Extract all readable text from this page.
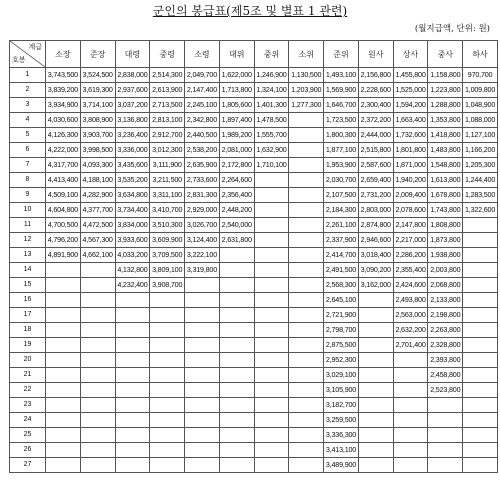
군인의 봉급표(제5조 및 별표 1 관련)
(월지급액, 단위: 원)
계급
호봉	소장	준장	대령	중령	소령	대위	중위	소위	준위	원사	상사	중사	하사
1	3,743,500	3,524,500	2,838,000	2,514,300	2,049,700	1,622,000	1,246,900	1,130,500	1,493,100	2,156,800	1,455,800	1,158,800	970,700
2	3,839,200	3,619,300	2,937,600	2,613,900	2,147,400	1,713,800	1,324,100	1,203,900	1,569,900	2,228,600	1,525,000	1,223,800	1,009,800
3	3,934,900	3,714,100	3,037,200	2,713,500	2,245,100	1,805,600	1,401,300	1,277,300	1,646,700	2,300,400	1,594,200	1,288,800	1,048,900
4	4,030,600	3,808,900	3,136,800	2,813,100	2,342,800	1,897,400	1,478,500		1,723,500	2,372,200	1,663,400	1,353,800	1,088,000
5	4,126,300	3,903,700	3,236,400	2,912,700	2,440,500	1,989,200	1,555,700		1,800,300	2,444,000	1,732,600	1,418,800	1,127,100
6	4,222,000	3,998,500	3,336,000	3,012,300	2,538,200	2,081,000	1,632,900		1,877,100	2,515,800	1,801,800	1,483,800	1,166,200
7	4,317,700	4,093,300	3,435,600	3,111,900	2,635,900	2,172,800	1,710,100		1,953,900	2,587,600	1,871,000	1,548,800	1,205,300
8	4,413,400	4,188,100	3,535,200	3,211,500	2,733,600	2,264,600			2,030,700	2,659,400	1,940,200	1,613,800	1,244,400
9	4,509,100	4,282,900	3,634,800	3,311,100	2,831,300	2,356,400			2,107,500	2,731,200	2,009,400	1,678,800	1,283,500
10	4,604,800	4,377,700	3,734,400	3,410,700	2,929,000	2,448,200			2,184,300	2,803,000	2,078,600	1,743,800	1,322,600
11	4,700,500	4,472,500	3,834,000	3,510,300	3,026,700	2,540,000			2,261,100	2,874,800	2,147,800	1,808,800	
12	4,796,200	4,567,300	3,933,600	3,609,900	3,124,400	2,631,800			2,337,900	2,946,600	2,217,000	1,873,800	
13	4,891,900	4,662,100	4,033,200	3,709,500	3,222,100				2,414,700	3,018,400	2,286,200	1,938,800	
14			4,132,800	3,809,100	3,319,800				2,491,500	3,090,200	2,355,400	2,003,800	
15			4,232,400	3,908,700					2,568,300	3,162,000	2,424,600	2,068,800	
16									2,645,100		2,493,800	2,133,800	
17									2,721,900		2,563,000	2,198,800	
18									2,798,700		2,632,200	2,263,800	
19									2,875,500		2,701,400	2,328,800	
20									2,952,300			2,393,800	
21									3,029,100			2,458,800	
22									3,105,900			2,523,800	
23									3,182,700				
24									3,259,500				
25									3,336,300				
26									3,413,100				
27									3,489,900				
